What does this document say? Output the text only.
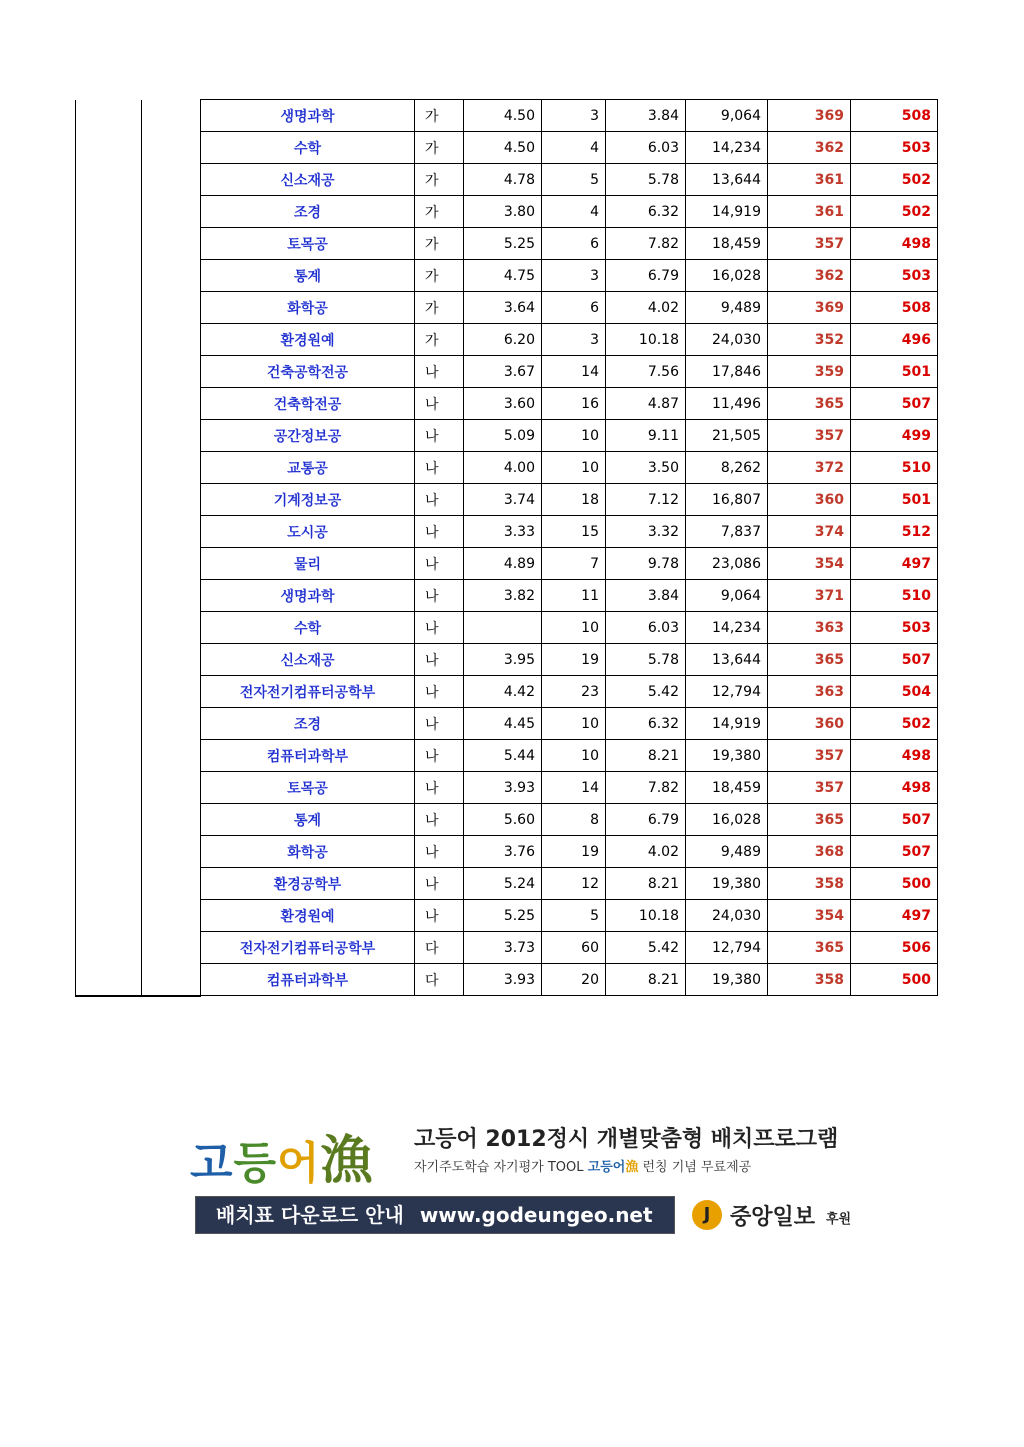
		생명과학	가	4.50	3	3.84	9,064	369	508
		수학	가	4.50	4	6.03	14,234	362	503
		신소재공	가	4.78	5	5.78	13,644	361	502
		조경	가	3.80	4	6.32	14,919	361	502
		토목공	가	5.25	6	7.82	18,459	357	498
		통계	가	4.75	3	6.79	16,028	362	503
		화학공	가	3.64	6	4.02	9,489	369	508
		환경원예	가	6.20	3	10.18	24,030	352	496
		건축공학전공	나	3.67	14	7.56	17,846	359	501
		건축학전공	나	3.60	16	4.87	11,496	365	507
		공간정보공	나	5.09	10	9.11	21,505	357	499
		교통공	나	4.00	10	3.50	8,262	372	510
		기계정보공	나	3.74	18	7.12	16,807	360	501
		도시공	나	3.33	15	3.32	7,837	374	512
		물리	나	4.89	7	9.78	23,086	354	497
		생명과학	나	3.82	11	3.84	9,064	371	510
		수학	나		10	6.03	14,234	363	503
		신소재공	나	3.95	19	5.78	13,644	365	507
		전자전기컴퓨터공학부	나	4.42	23	5.42	12,794	363	504
		조경	나	4.45	10	6.32	14,919	360	502
		컴퓨터과학부	나	5.44	10	8.21	19,380	357	498
		토목공	나	3.93	14	7.82	18,459	357	498
		통계	나	5.60	8	6.79	16,028	365	507
		화학공	나	3.76	19	4.02	9,489	368	507
		환경공학부	나	5.24	12	8.21	19,380	358	500
		환경원예	나	5.25	5	10.18	24,030	354	497
		전자전기컴퓨터공학부	다	3.73	60	5.42	12,794	365	506
		컴퓨터과학부	다	3.93	20	8.21	19,380	358	500
고등어漁 고등어 2012정시 개별맞춤형 배치프로그램
자기주도학습 자기평가 TOOL 고등어漁 런칭 기념 무료제공
배치표 다운로드 안내 www.godeungeo.net	J 중앙일보 후원
